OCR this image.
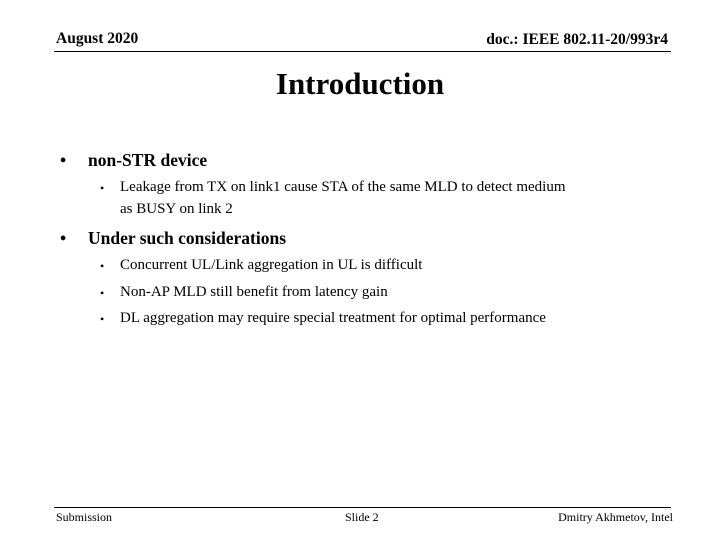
August 2020	doc.: IEEE 802.11-20/993r4
Introduction
• non-STR device
• Leakage from TX on link1 cause STA of the same MLD to detect medium
as BUSY on link 2
• Under such considerations
• Concurrent UL/Link aggregation in UL is difficult
• Non-AP MLD still benefit from latency gain
• DL aggregation may require special treatment for optimal performance
Submission	Slide 2	Dmitry Akhmetov, Intel
